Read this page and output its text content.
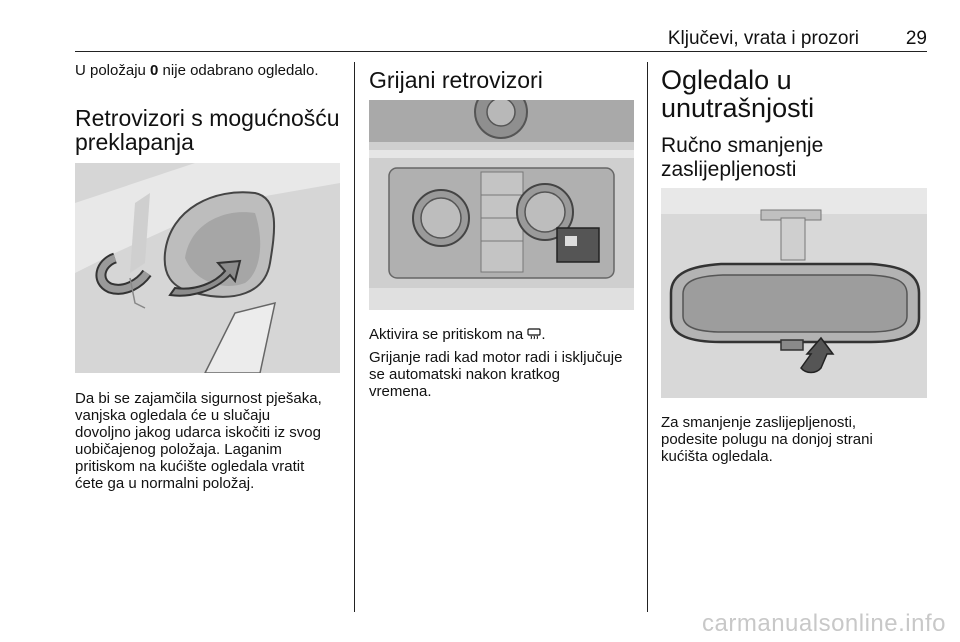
Ključevi, vrata i prozori 29

U položaju 0 nije odabrano ogledalo.

Retrovizori s mogućnošću
preklapanja

Da bi se zajamčila sigurnost pješaka,

vanjska ogledala će u slučaju

dovoljno jakog udarca iskočiti iz svog

uobičajenog položaja. Laganim

pritiskom na kućište ogledala vratit

ćete ga u normalni položaj.

Grijani retrovizori

Aktivira se pritiskom na .

Grijanje radi kad motor radi i isključuje

se automatski nakon kratkog

vremena.

Ogledalo u
unutrašnjosti
Ručno smanjenje
zaslijepljenosti

Za smanjenje zaslijepljenosti,

podesite polugu na donjoj strani

kućišta ogledala.

carmanualsonline.info
